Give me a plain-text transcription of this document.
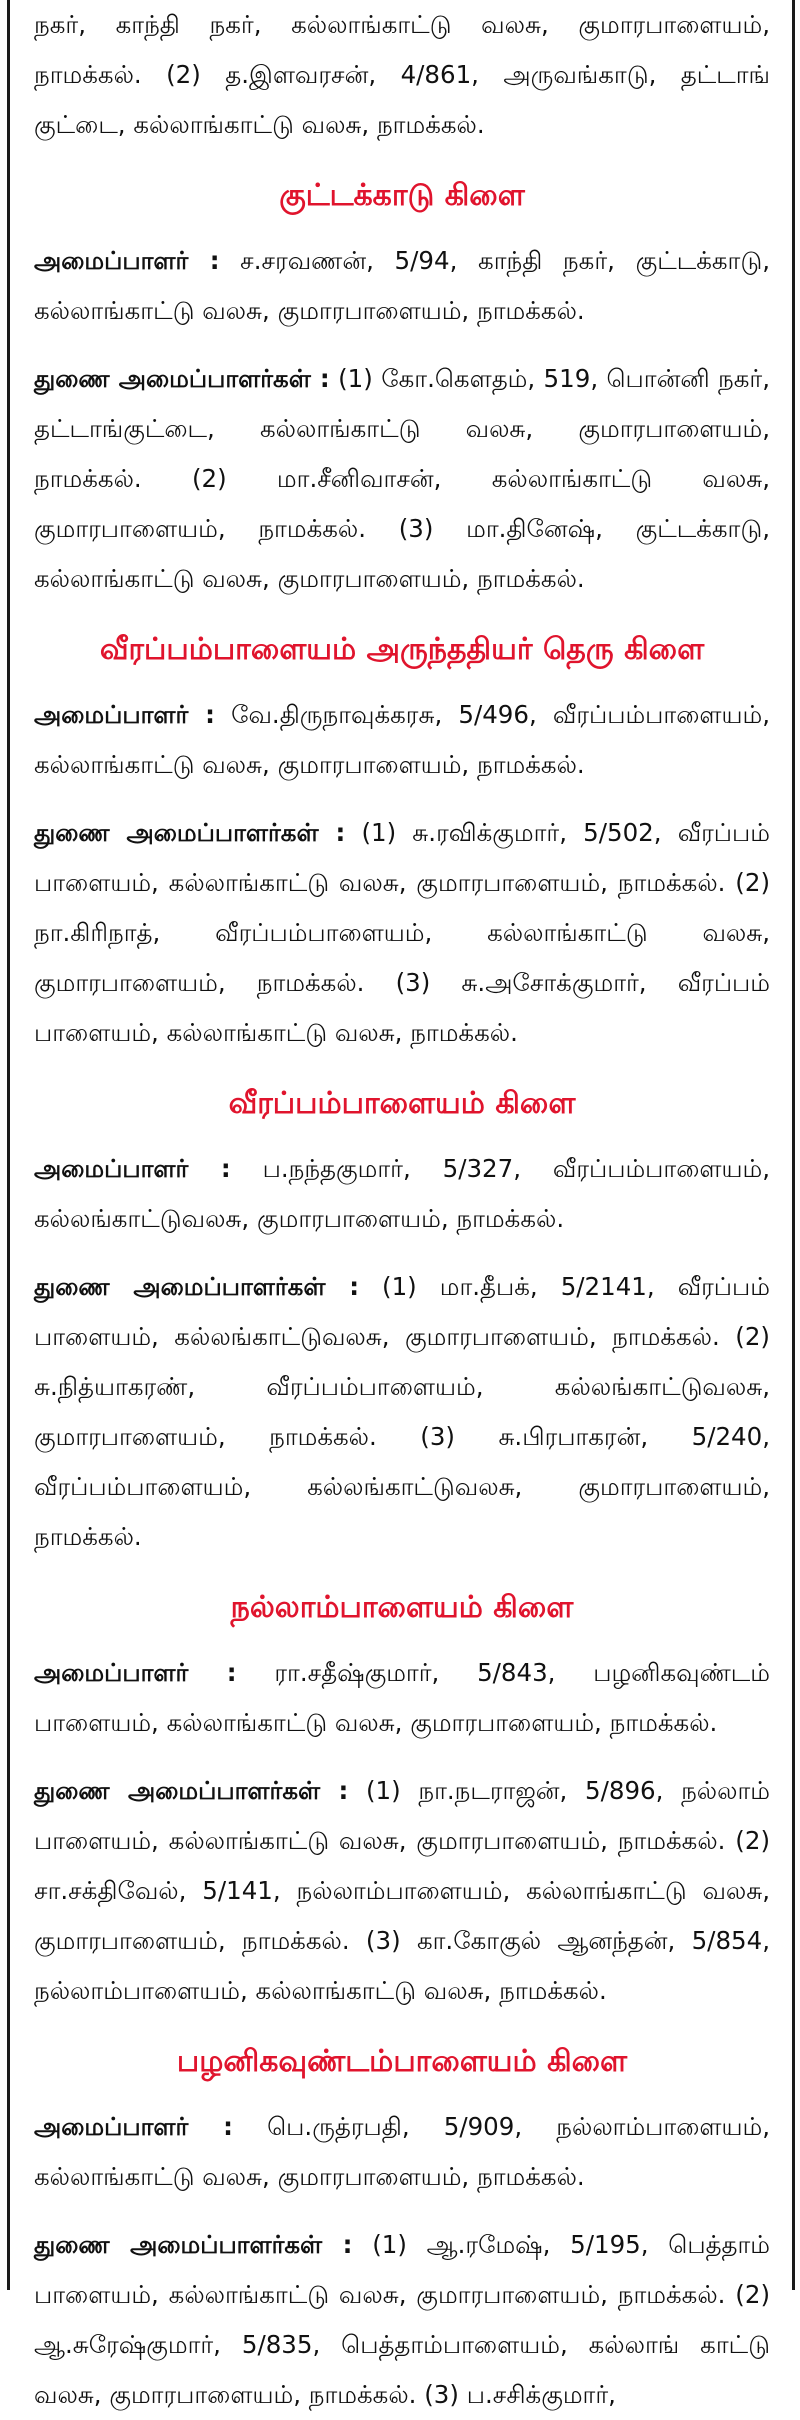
நகர், காந்தி நகர், கல்லாங்காட்டு வலசு, குமாரபாளையம், நாமக்கல். (2) த.இளவரசன், 4/861, அருவங்காடு, தட்டாங் குட்டை, கல்லாங்காட்டு வலசு, நாமக்கல்.

குட்டக்காடு கிளை

அமைப்பாளர் : ச.சரவணன், 5/94, காந்தி நகர், குட்டக்காடு, கல்லாங்காட்டு வலசு, குமாரபாளையம், நாமக்கல்.

துணை அமைப்பாளர்கள் : (1) கோ.கௌதம், 519, பொன்னி நகர், தட்டாங்குட்டை, கல்லாங்காட்டு வலசு, குமாரபாளையம், நாமக்கல். (2) மா.சீனிவாசன், கல்லாங்காட்டு வலசு, குமாரபாளையம், நாமக்கல். (3) மா.தினேஷ், குட்டக்காடு, கல்லாங்காட்டு வலசு, குமாரபாளையம், நாமக்கல்.

வீரப்பம்பாளையம் அருந்ததியர் தெரு கிளை

அமைப்பாளர் : வே.திருநாவுக்கரசு, 5/496, வீரப்பம்பாளையம், கல்லாங்காட்டு வலசு, குமாரபாளையம், நாமக்கல்.

துணை அமைப்பாளர்கள் : (1) சு.ரவிக்குமார், 5/502, வீரப்பம் பாளையம், கல்லாங்காட்டு வலசு, குமாரபாளையம், நாமக்கல். (2) நா.கிரிநாத், வீரப்பம்பாளையம், கல்லாங்காட்டு வலசு, குமாரபாளையம், நாமக்கல். (3) சு.அசோக்குமார், வீரப்பம் பாளையம், கல்லாங்காட்டு வலசு, நாமக்கல்.

வீரப்பம்பாளையம் கிளை

அமைப்பாளர் : ப.நந்தகுமார், 5/327, வீரப்பம்பாளையம், கல்லங்காட்டுவலசு, குமாரபாளையம், நாமக்கல்.

துணை அமைப்பாளர்கள் : (1) மா.தீபக், 5/2141, வீரப்பம் பாளையம், கல்லங்காட்டுவலசு, குமாரபாளையம், நாமக்கல். (2) சு.நித்யாகரண், வீரப்பம்பாளையம், கல்லங்காட்டுவலசு, குமாரபாளையம், நாமக்கல். (3) சு.பிரபாகரன், 5/240, வீரப்பம்பாளையம், கல்லங்காட்டுவலசு, குமாரபாளையம், நாமக்கல்.

நல்லாம்பாளையம் கிளை

அமைப்பாளர் : ரா.சதீஷ்குமார், 5/843, பழனிகவுண்டம் பாளையம், கல்லாங்காட்டு வலசு, குமாரபாளையம், நாமக்கல்.

துணை அமைப்பாளர்கள் : (1) நா.நடராஜன், 5/896, நல்லாம் பாளையம், கல்லாங்காட்டு வலசு, குமாரபாளையம், நாமக்கல். (2) சா.சக்திவேல், 5/141, நல்லாம்பாளையம், கல்லாங்காட்டு வலசு, குமாரபாளையம், நாமக்கல். (3) கா.கோகுல் ஆனந்தன், 5/854, நல்லாம்பாளையம், கல்லாங்காட்டு வலசு, நாமக்கல்.

பழனிகவுண்டம்பாளையம் கிளை

அமைப்பாளர் : பெ.ருத்ரபதி, 5/909, நல்லாம்பாளையம், கல்லாங்காட்டு வலசு, குமாரபாளையம், நாமக்கல்.

துணை அமைப்பாளர்கள் : (1) ஆ.ரமேஷ், 5/195, பெத்தாம் பாளையம், கல்லாங்காட்டு வலசு, குமாரபாளையம், நாமக்கல். (2) ஆ.சுரேஷ்குமார், 5/835, பெத்தாம்பாளையம், கல்லாங் காட்டு வலசு, குமாரபாளையம், நாமக்கல். (3) ப.சசிக்குமார்,
